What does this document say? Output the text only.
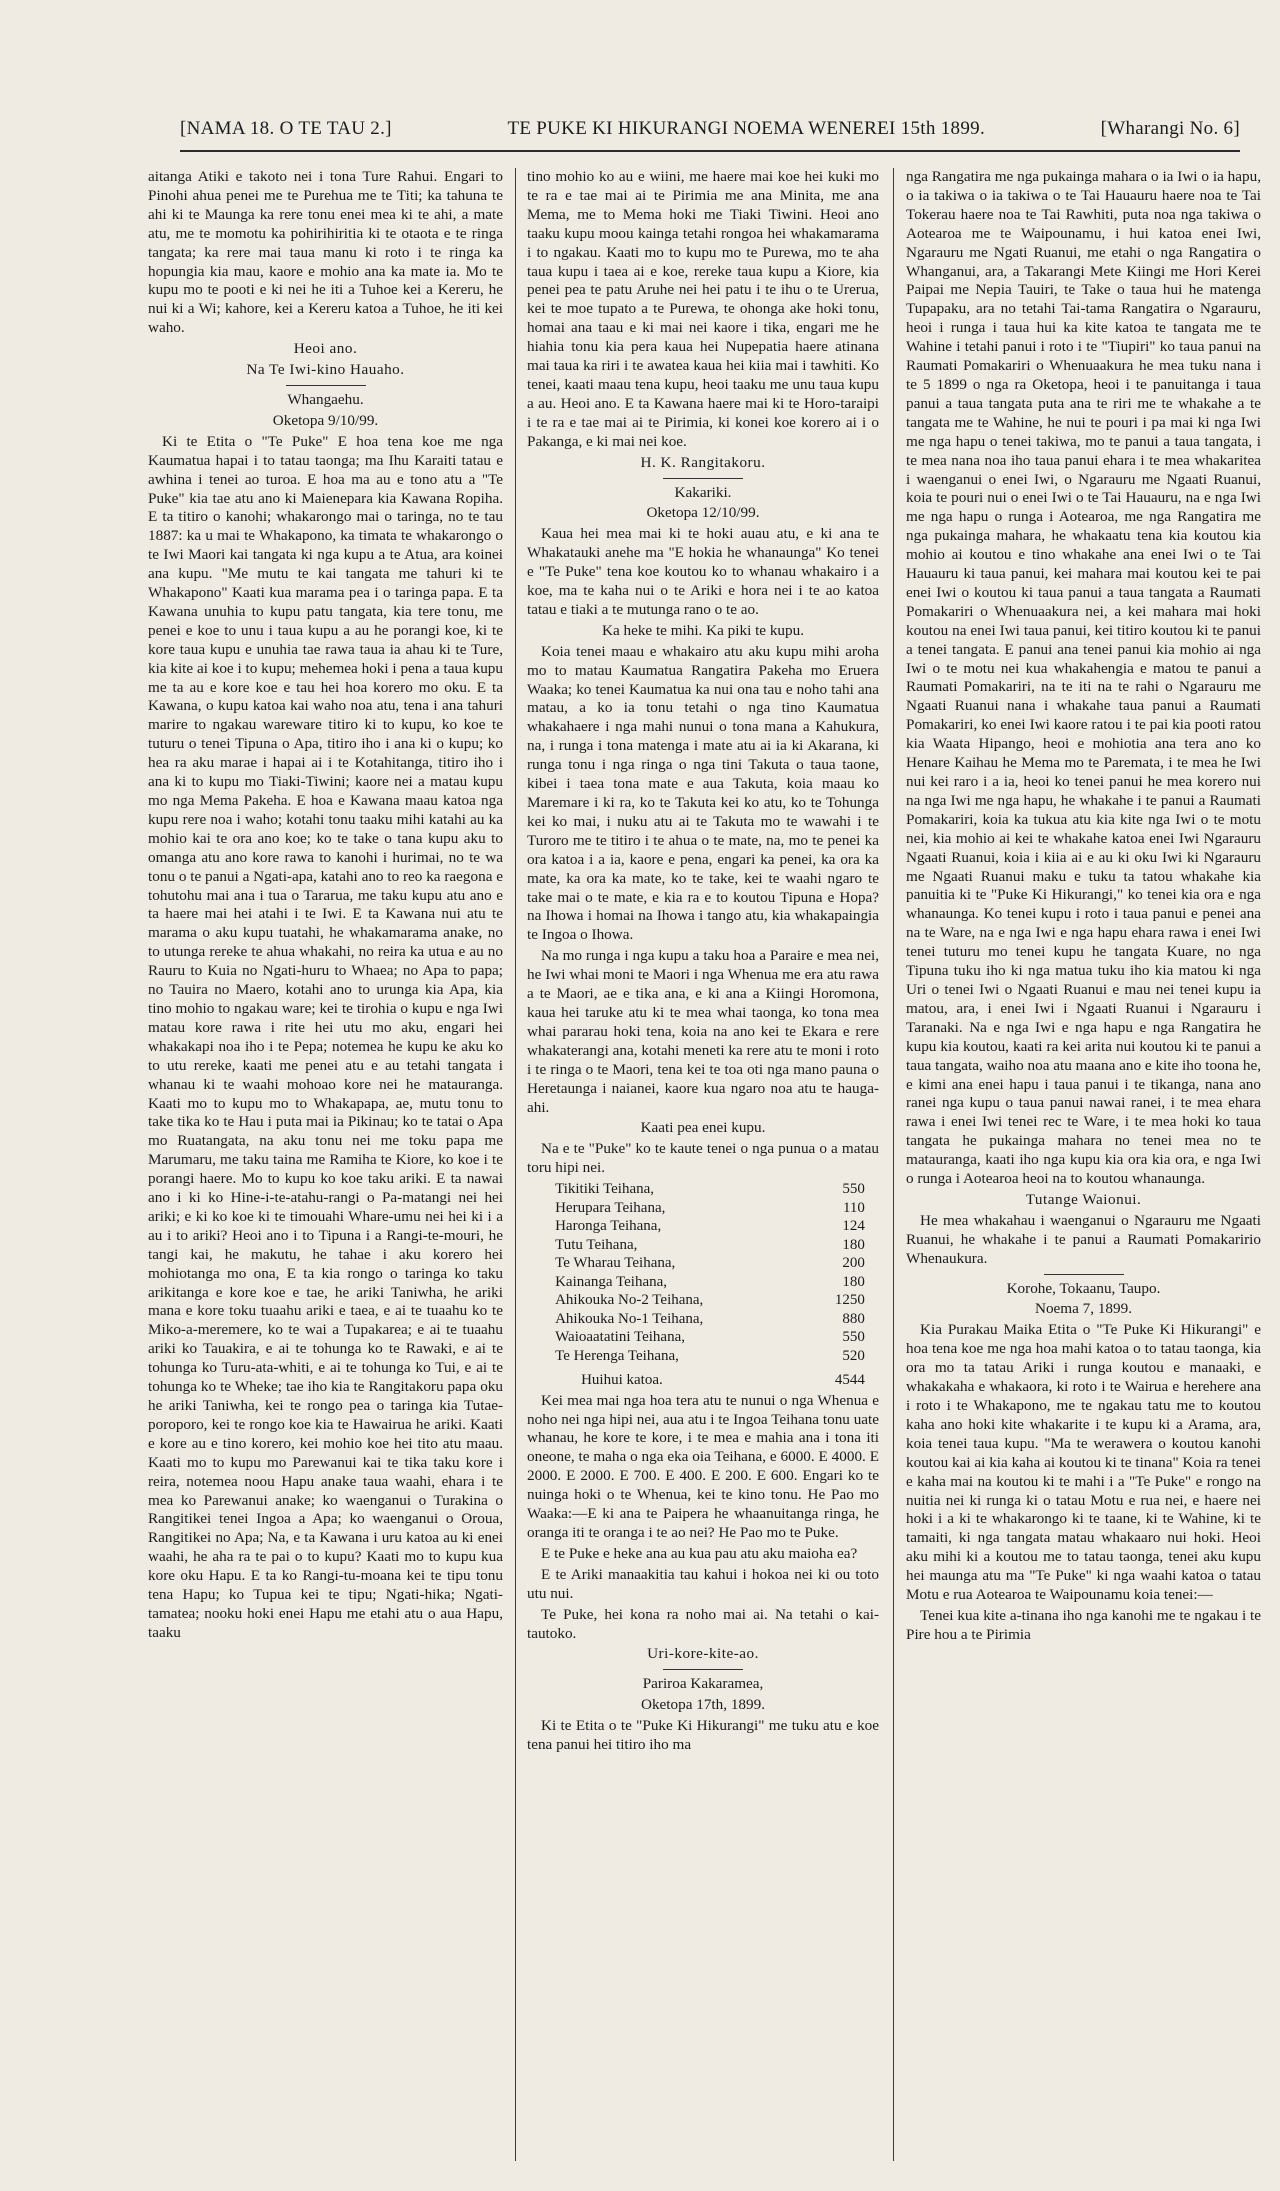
[NAMA 18. O TE TAU 2.]	TE PUKE KI HIKURANGI NOEMA WENEREI 15th 1899.	[Wharangi No. 6]

aitanga Atiki e takoto nei i tona Ture Rahui. Engari to Pinohi ahua penei me te Purehua me te Titi; ka tahuna te ahi ki te Maunga ka rere tonu enei mea ki te ahi, a mate atu, me te momotu ka pohirihiritia ki te otaota e te ringa tangata; ka rere mai taua manu ki roto i te ringa ka hopungia kia mau, kaore e mohio ana ka mate ia. Mo te kupu mo te pooti e ki nei he iti a Tuhoe kei a Kereru, he nui ki a Wi; kahore, kei a Kereru katoa a Tuhoe, he iti kei waho.

Heoi ano.

Na Te Iwi-kino Hauaho.

Whangaehu.

Oketopa 9/10/99.

Ki te Etita o "Te Puke" E hoa tena koe me nga Kaumatua hapai i to tatau taonga; ma Ihu Karaiti tatau e awhina i tenei ao turoa. E hoa ma au e tono atu a "Te Puke" kia tae atu ano ki Maienepara kia Kawana Ropiha. E ta titiro o kanohi; whakarongo mai o taringa, no te tau 1887: ka u mai te Whakapono, ka timata te whakarongo o te Iwi Maori kai tangata ki nga kupu a te Atua, ara koinei ana kupu. "Me mutu te kai tangata me tahuri ki te Whakapono" Kaati kua marama pea i o taringa papa. E ta Kawana unuhia to kupu patu tangata, kia tere tonu, me penei e koe to unu i taua kupu a au he porangi koe, ki te kore taua kupu e unuhia tae rawa taua ia ahau ki te Ture, kia kite ai koe i to kupu; mehemea hoki i pena a taua kupu me ta au e kore koe e tau hei hoa korero mo oku. E ta Kawana, o kupu katoa kai waho noa atu, tena i ana tahuri marire to ngakau wareware titiro ki to kupu, ko koe te tuturu o tenei Tipuna o Apa, titiro iho i ana ki o kupu; ko hea ra aku marae i hapai ai i te Kotahitanga, titiro iho i ana ki to kupu mo Tiaki-Tiwini; kaore nei a matau kupu mo nga Mema Pakeha. E hoa e Kawana maau katoa nga kupu rere noa i waho; kotahi tonu taaku mihi katahi au ka mohio kai te ora ano koe; ko te take o tana kupu aku to omanga atu ano kore rawa to kanohi i hurimai, no te wa tonu o te panui a Ngati-apa, katahi ano to reo ka raegona e tohutohu mai ana i tua o Tararua, me taku kupu atu ano e ta haere mai hei atahi i te Iwi. E ta Kawana nui atu te marama o aku kupu tuatahi, he whakamarama anake, no to utunga rereke te ahua whakahi, no reira ka utua e au no Rauru to Kuia no Ngati-huru to Whaea; no Apa to papa; no Tauira no Maero, kotahi ano to urunga kia Apa, kia tino mohio to ngakau ware; kei te tirohia o kupu e nga Iwi matau kore rawa i rite hei utu mo aku, engari hei whakakapi noa iho i te Pepa; notemea he kupu ke aku ko to utu rereke, kaati me penei atu e au tetahi tangata i whanau ki te waahi mohoao kore nei he matauranga. Kaati mo to kupu mo to Whakapapa, ae, mutu tonu to take tika ko te Hau i puta mai ia Pikinau; ko te tatai o Apa mo Ruatangata, na aku tonu nei me toku papa me Marumaru, me taku taina me Ramiha te Kiore, ko koe i te porangi haere. Mo to kupu ko koe taku ariki. E ta nawai ano i ki ko Hine-i-te-atahu-rangi o Pa-matangi nei hei ariki; e ki ko koe ki te timouahi Whare-umu nei hei ki i a au i to ariki? Heoi ano i to Tipuna i a Rangi-te-mouri, he tangi kai, he makutu, he tahae i aku korero hei mohiotanga mo ona, E ta kia rongo o taringa ko taku arikitanga e kore koe e tae, he ariki Taniwha, he ariki mana e kore toku tuaahu ariki e taea, e ai te tuaahu ko te Miko-a-meremere, ko te wai a Tupakarea; e ai te tuaahu ariki ko Tauakira, e ai te tohunga ko te Rawaki, e ai te tohunga ko Turu-ata-whiti, e ai te tohunga ko Tui, e ai te tohunga ko te Wheke; tae iho kia te Rangitakoru papa oku he ariki Taniwha, kei te rongo pea o taringa kia Tutae-poroporo, kei te rongo koe kia te Hawairua he ariki. Kaati e kore au e tino korero, kei mohio koe hei tito atu maau. Kaati mo to kupu mo Parewanui kai te tika taku kore i reira, notemea noou Hapu anake taua waahi, ehara i te mea ko Parewanui anake; ko waenganui o Turakina o Rangitikei tenei Ingoa a Apa; ko waenganui o Oroua, Rangitikei no Apa; Na, e ta Kawana i uru katoa au ki enei waahi, he aha ra te pai o to kupu? Kaati mo to kupu kua kore oku Hapu. E ta ko Rangi-tu-moana kei te tipu tonu tena Hapu; ko Tupua kei te tipu; Ngati-hika; Ngati-tamatea; nooku hoki enei Hapu me etahi atu o aua Hapu, taaku

tino mohio ko au e wiini, me haere mai koe hei kuki mo te ra e tae mai ai te Pirimia me ana Minita, me ana Mema, me to Mema hoki me Tiaki Tiwini. Heoi ano taaku kupu moou kainga tetahi rongoa hei whakamarama i to ngakau. Kaati mo to kupu mo te Purewa, mo te aha taua kupu i taea ai e koe, rereke taua kupu a Kiore, kia penei pea te patu Aruhe nei hei patu i te ihu o te Urerua, kei te moe tupato a te Purewa, te ohonga ake hoki tonu, homai ana taau e ki mai nei kaore i tika, engari me he hiahia tonu kia pera kaua hei Nupepatia haere atinana mai taua ka riri i te awatea kaua hei kiia mai i tawhiti. Ko tenei, kaati maau tena kupu, heoi taaku me unu taua kupu a au. Heoi ano. E ta Kawana haere mai ki te Horo-taraipi i te ra e tae mai ai te Pirimia, ki konei koe korero ai i o Pakanga, e ki mai nei koe.

H. K. Rangitakoru.

Kakariki.

Oketopa 12/10/99.

Kaua hei mea mai ki te hoki auau atu, e ki ana te Whakatauki anehe ma "E hokia he whanaunga" Ko tenei e "Te Puke" tena koe koutou ko to whanau whakairo i a koe, ma te kaha nui o te Ariki e hora nei i te ao katoa tatau e tiaki a te mutunga rano o te ao.

Ka heke te mihi. Ka piki te kupu.

Koia tenei maau e whakairo atu aku kupu mihi aroha mo to matau Kaumatua Rangatira Pakeha mo Eruera Waaka; ko tenei Kaumatua ka nui ona tau e noho tahi ana matau, a ko ia tonu tetahi o nga tino Kaumatua whakahaere i nga mahi nunui o tona mana a Kahukura, na, i runga i tona matenga i mate atu ai ia ki Akarana, ki runga tonu i nga ringa o nga tini Takuta o taua taone, kibei i taea tona mate e aua Takuta, koia maau ko Maremare i ki ra, ko te Takuta kei ko atu, ko te Tohunga kei ko mai, i nuku atu ai te Takuta mo te wawahi i te Turoro me te titiro i te ahua o te mate, na, mo te penei ka ora katoa i a ia, kaore e pena, engari ka penei, ka ora ka mate, ka ora ka mate, ko te take, kei te waahi ngaro te take mai o te mate, e kia ra e to koutou Tipuna e Hopa? na Ihowa i homai na Ihowa i tango atu, kia whakapaingia te Ingoa o Ihowa.

Na mo runga i nga kupu a taku hoa a Paraire e mea nei, he Iwi whai moni te Maori i nga Whenua me era atu rawa a te Maori, ae e tika ana, e ki ana a Kiingi Horomona, kaua hei taruke atu ki te mea whai taonga, ko tona mea whai pararau hoki tena, koia na ano kei te Ekara e rere whakaterangi ana, kotahi meneti ka rere atu te moni i roto i te ringa o te Maori, tena kei te toa oti nga mano pauna o Heretaunga i naianei, kaore kua ngaro noa atu te hauga-ahi.

Kaati pea enei kupu.

Na e te "Puke" ko te kaute tenei o nga punua o a matau toru hipi nei.

Tikitiki Teihana,	550
Herupara Teihana,	110
Haronga Teihana,	124
Tutu Teihana,	180
Te Wharau Teihana,	200
Kainanga Teihana,	180
Ahikouka No-2 Teihana,	1250
Ahikouka No-1 Teihana,	880
Waioaatatini Teihana,	550
Te Herenga Teihana,	520
Huihui katoa.	4544

Kei mea mai nga hoa tera atu te nunui o nga Whenua e noho nei nga hipi nei, aua atu i te Ingoa Teihana tonu uate whanau, he kore te kore, i te mea e mahia ana i tona iti oneone, te maha o nga eka oia Teihana, e 6000. E 4000. E 2000. E 2000. E 700. E 400. E 200. E 600. Engari ko te nuinga hoki o te Whenua, kei te kino tonu. He Pao mo Waaka:—E ki ana te Paipera he whaanuitanga ringa, he oranga iti te oranga i te ao nei? He Pao mo te Puke.

E te Puke e heke ana au kua pau atu aku maioha ea?

E te Ariki manaakitia tau kahui i hokoa nei ki ou toto utu nui.

Te Puke, hei kona ra noho mai ai. Na tetahi o kai-tautoko.

Uri-kore-kite-ao.

Pariroa Kakaramea,

Oketopa 17th, 1899.

Ki te Etita o te "Puke Ki Hikurangi" me tuku atu e koe tena panui hei titiro iho ma

nga Rangatira me nga pukainga mahara o ia Iwi o ia hapu, o ia takiwa o ia takiwa o te Tai Hauauru haere noa te Tai Tokerau haere noa te Tai Rawhiti, puta noa nga takiwa o Aotearoa me te Waipounamu, i hui katoa enei Iwi, Ngarauru me Ngati Ruanui, me etahi o nga Rangatira o Whanganui, ara, a Takarangi Mete Kiingi me Hori Kerei Paipai me Nepia Tauiri, te Take o taua hui he matenga Tupapaku, ara no tetahi Tai-tama Rangatira o Ngarauru, heoi i runga i taua hui ka kite katoa te tangata me te Wahine i tetahi panui i roto i te "Tiupiri" ko taua panui na Raumati Pomakariri o Whenuaakura he mea tuku nana i te 5 1899 o nga ra Oketopa, heoi i te panuitanga i taua panui a taua tangata puta ana te riri me te whakahe a te tangata me te Wahine, he nui te pouri i pa mai ki nga Iwi me nga hapu o tenei takiwa, mo te panui a taua tangata, i te mea nana noa iho taua panui ehara i te mea whakaritea i waenganui o enei Iwi, o Ngarauru me Ngaati Ruanui, koia te pouri nui o enei Iwi o te Tai Hauauru, na e nga Iwi me nga hapu o runga i Aotearoa, me nga Rangatira me nga pukainga mahara, he whakaatu tena kia koutou kia mohio ai koutou e tino whakahe ana enei Iwi o te Tai Hauauru ki taua panui, kei mahara mai koutou kei te pai enei Iwi o koutou ki taua panui a taua tangata a Raumati Pomakariri o Whenuaakura nei, a kei mahara mai hoki koutou na enei Iwi taua panui, kei titiro koutou ki te panui a tenei tangata. E panui ana tenei panui kia mohio ai nga Iwi o te motu nei kua whakahengia e matou te panui a Raumati Pomakariri, na te iti na te rahi o Ngarauru me Ngaati Ruanui nana i whakahe taua panui a Raumati Pomakariri, ko enei Iwi kaore ratou i te pai kia pooti ratou kia Waata Hipango, heoi e mohiotia ana tera ano ko Henare Kaihau he Mema mo te Paremata, i te mea he Iwi nui kei raro i a ia, heoi ko tenei panui he mea korero nui na nga Iwi me nga hapu, he whakahe i te panui a Raumati Pomakariri, koia ka tukua atu kia kite nga Iwi o te motu nei, kia mohio ai kei te whakahe katoa enei Iwi Ngarauru Ngaati Ruanui, koia i kiia ai e au ki oku Iwi ki Ngarauru me Ngaati Ruanui maku e tuku ta tatou whakahe kia panuitia ki te "Puke Ki Hikurangi," ko tenei kia ora e nga whanaunga. Ko tenei kupu i roto i taua panui e penei ana na te Ware, na e nga Iwi e nga hapu ehara rawa i enei Iwi tenei tuturu mo tenei kupu he tangata Kuare, no nga Tipuna tuku iho ki nga matua tuku iho kia matou ki nga Uri o tenei Iwi o Ngaati Ruanui e mau nei tenei kupu ia matou, ara, i enei Iwi i Ngaati Ruanui i Ngarauru i Taranaki. Na e nga Iwi e nga hapu e nga Rangatira he kupu kia koutou, kaati ra kei arita nui koutou ki te panui a taua tangata, waiho noa atu maana ano e kite iho toona he, e kimi ana enei hapu i taua panui i te tikanga, nana ano ranei nga kupu o taua panui nawai ranei, i te mea ehara rawa i enei Iwi tenei rec te Ware, i te mea hoki ko taua tangata he pukainga mahara no tenei mea no te matauranga, kaati iho nga kupu kia ora kia ora, e nga Iwi o runga i Aotearoa heoi na to koutou whanaunga.

Tutange Waionui.

He mea whakahau i waenganui o Ngarauru me Ngaati Ruanui, he whakahe i te panui a Raumati Pomakaririo Whenaukura.

Korohe, Tokaanu, Taupo.

Noema 7, 1899.

Kia Purakau Maika Etita o "Te Puke Ki Hikurangi" e hoa tena koe me nga hoa mahi katoa o to tatau taonga, kia ora mo ta tatau Ariki i runga koutou e manaaki, e whakakaha e whakaora, ki roto i te Wairua e herehere ana i roto i te Whakapono, me te ngakau tatu me to koutou kaha ano hoki kite whakarite i te kupu ki a Arama, ara, koia tenei taua kupu. "Ma te werawera o koutou kanohi koutou kai ai kia kaha ai koutou ki te tinana" Koia ra tenei e kaha mai na koutou ki te mahi i a "Te Puke" e rongo na nuitia nei ki runga ki o tatau Motu e rua nei, e haere nei hoki i a ki te whakarongo ki te taane, ki te Wahine, ki te tamaiti, ki nga tangata matau whakaaro nui hoki. Heoi aku mihi ki a koutou me to tatau taonga, tenei aku kupu hei maunga atu ma "Te Puke" ki nga waahi katoa o tatau Motu e rua Aotearoa te Waipounamu koia tenei:—

Tenei kua kite a-tinana iho nga kanohi me te ngakau i te Pire hou a te Pirimia
